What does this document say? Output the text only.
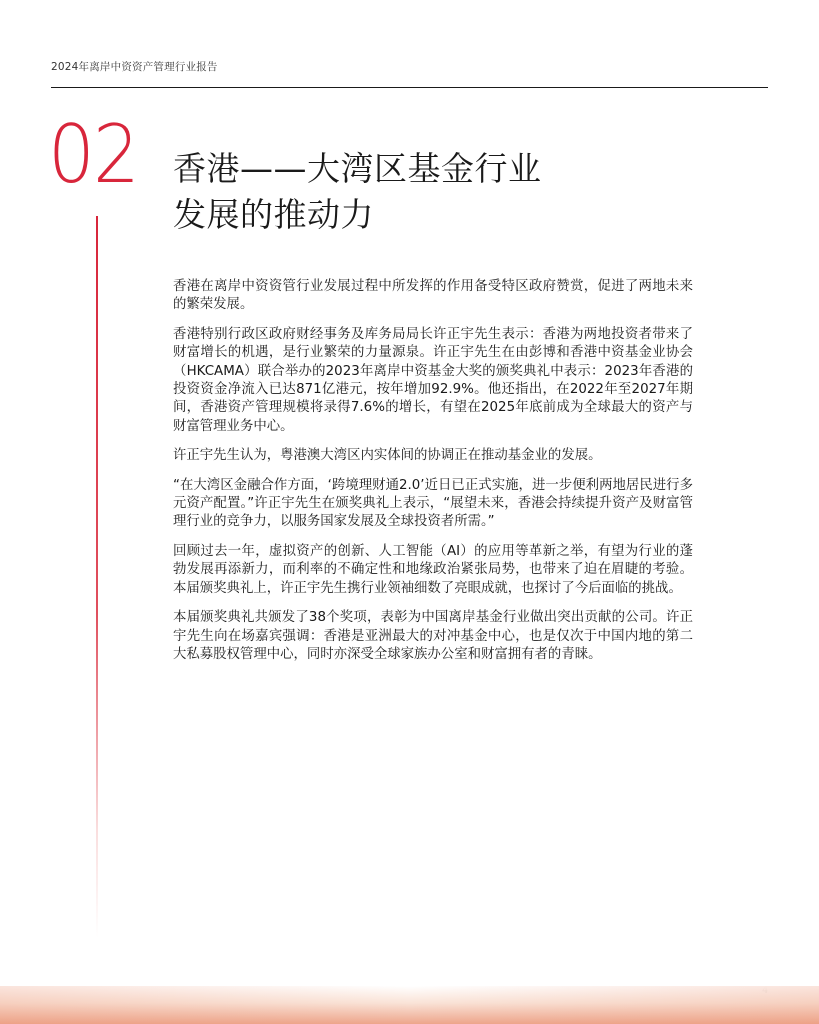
2024年离岸中资资产管理行业报告
02 香港——大湾区基金行业
发展的推动力

香港在离岸中资资管行业发展过程中所发挥的作用备受特区政府赞赏，促进了两地未来的繁荣发展。

香港特别行政区政府财经事务及库务局局长许正宇先生表示：香港为两地投资者带来了财富增长的机遇，是行业繁荣的力量源泉。许正宇先生在由彭博和香港中资基金业协会（HKCAMA）联合举办的2023年离岸中资基金大奖的颁奖典礼中表示：2023年香港的投资资金净流入已达871亿港元，按年增加92.9%。他还指出，在2022年至2027年期间，香港资产管理规模将录得7.6%的增长，有望在2025年底前成为全球最大的资产与财富管理业务中心。

许正宇先生认为，粤港澳大湾区内实体间的协调正在推动基金业的发展。

“在大湾区金融合作方面，‘跨境理财通2.0’近日已正式实施，进一步便利两地居民进行多元资产配置。”许正宇先生在颁奖典礼上表示，“展望未来，香港会持续提升资产及财富管理行业的竞争力，以服务国家发展及全球投资者所需。”

回顾过去一年，虚拟资产的创新、人工智能（AI）的应用等革新之举，有望为行业的蓬勃发展再添新力，而利率的不确定性和地缘政治紧张局势，也带来了迫在眉睫的考验。本届颁奖典礼上，许正宇先生携行业领袖细数了亮眼成就，也探讨了今后面临的挑战。

本届颁奖典礼共颁发了38个奖项，表彰为中国离岸基金行业做出突出贡献的公司。许正宇先生向在场嘉宾强调：香港是亚洲最大的对冲基金中心，也是仅次于中国内地的第二大私募股权管理中心，同时亦深受全球家族办公室和财富拥有者的青睐。
